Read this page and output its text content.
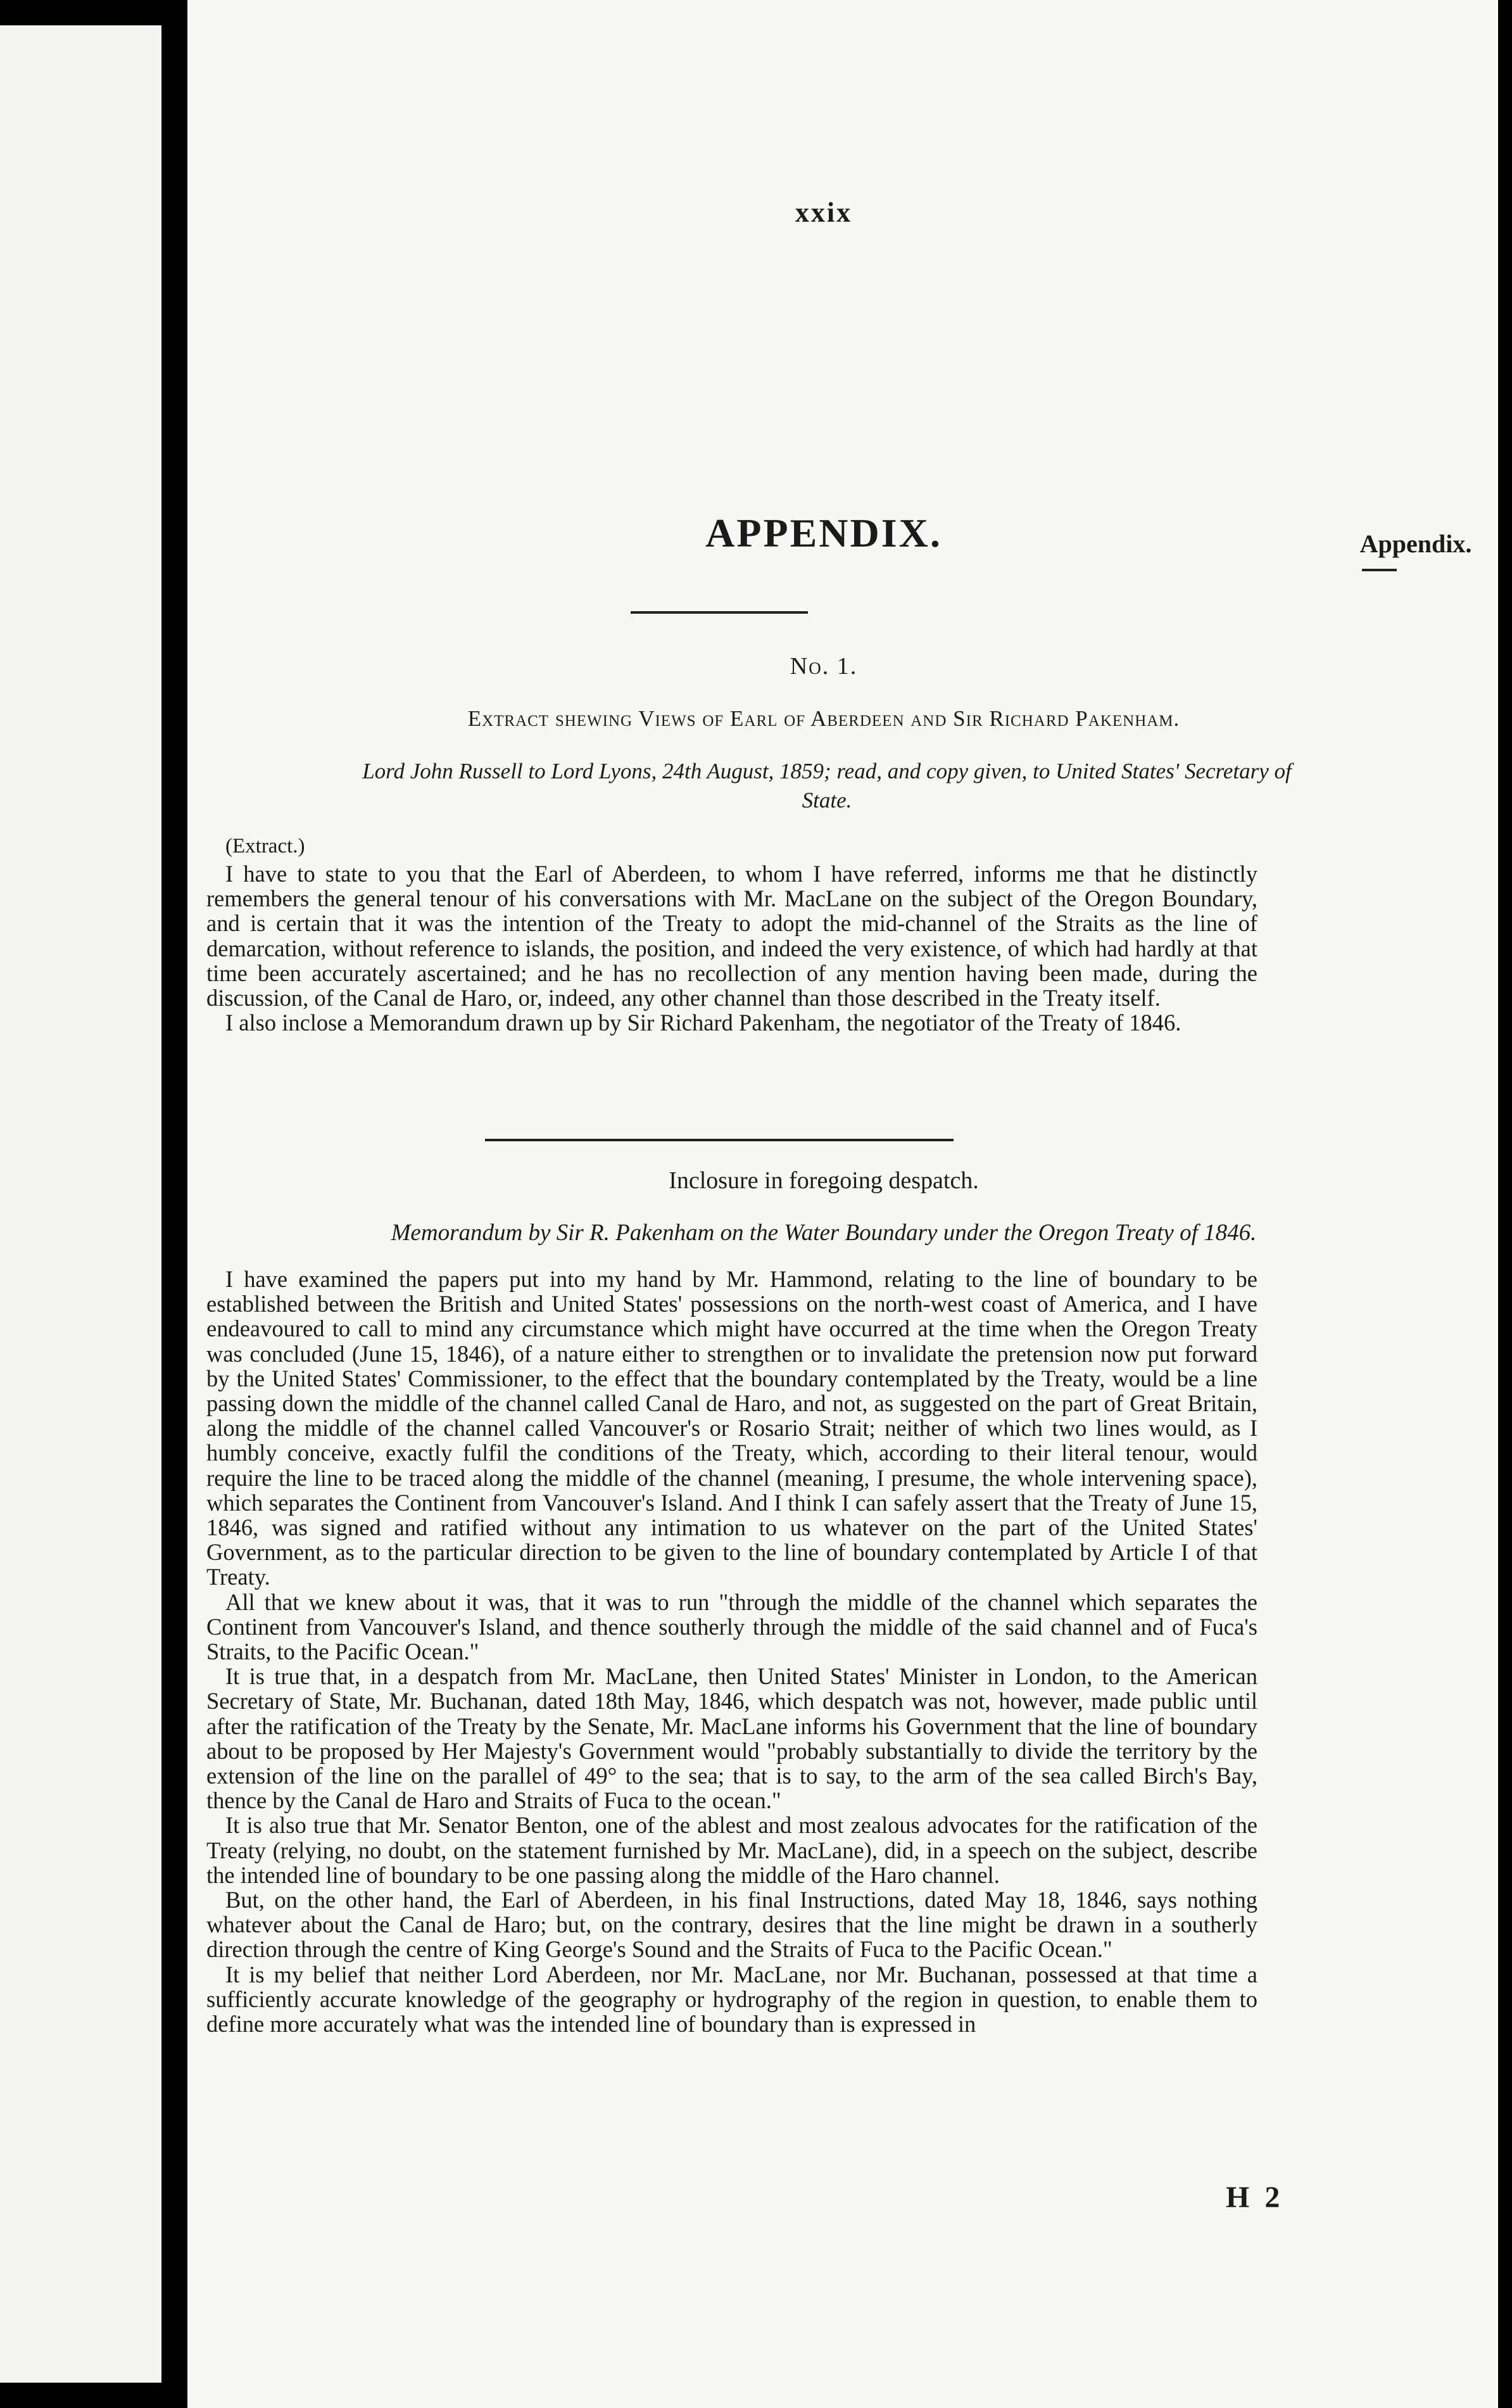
xxix
Appendix.
APPENDIX.
No. 1.
Extract shewing Views of Earl of Aberdeen and Sir Richard Pakenham.
Lord John Russell to Lord Lyons, 24th August, 1859; read, and copy given, to United States' Secretary of State.
(Extract.)

I have to state to you that the Earl of Aberdeen, to whom I have referred, informs me that he distinctly remembers the general tenour of his conversations with Mr. MacLane on the subject of the Oregon Boundary, and is certain that it was the intention of the Treaty to adopt the mid-channel of the Straits as the line of demarcation, without reference to islands, the position, and indeed the very existence, of which had hardly at that time been accurately ascertained; and he has no recollection of any mention having been made, during the discussion, of the Canal de Haro, or, indeed, any other channel than those described in the Treaty itself.

I also inclose a Memorandum drawn up by Sir Richard Pakenham, the negotiator of the Treaty of 1846.

Inclosure in foregoing despatch.
Memorandum by Sir R. Pakenham on the Water Boundary under the Oregon Treaty of 1846.

I have examined the papers put into my hand by Mr. Hammond, relating to the line of boundary to be established between the British and United States' possessions on the north-west coast of America, and I have endeavoured to call to mind any circumstance which might have occurred at the time when the Oregon Treaty was concluded (June 15, 1846), of a nature either to strengthen or to invalidate the pretension now put forward by the United States' Commissioner, to the effect that the boundary contemplated by the Treaty, would be a line passing down the middle of the channel called Canal de Haro, and not, as suggested on the part of Great Britain, along the middle of the channel called Vancouver's or Rosario Strait; neither of which two lines would, as I humbly conceive, exactly fulfil the conditions of the Treaty, which, according to their literal tenour, would require the line to be traced along the middle of the channel (meaning, I presume, the whole intervening space), which separates the Continent from Vancouver's Island. And I think I can safely assert that the Treaty of June 15, 1846, was signed and ratified without any intimation to us whatever on the part of the United States' Government, as to the particular direction to be given to the line of boundary contemplated by Article I of that Treaty.

All that we knew about it was, that it was to run "through the middle of the channel which separates the Continent from Vancouver's Island, and thence southerly through the middle of the said channel and of Fuca's Straits, to the Pacific Ocean."

It is true that, in a despatch from Mr. MacLane, then United States' Minister in London, to the American Secretary of State, Mr. Buchanan, dated 18th May, 1846, which despatch was not, however, made public until after the ratification of the Treaty by the Senate, Mr. MacLane informs his Government that the line of boundary about to be proposed by Her Majesty's Government would "probably substantially to divide the territory by the extension of the line on the parallel of 49° to the sea; that is to say, to the arm of the sea called Birch's Bay, thence by the Canal de Haro and Straits of Fuca to the ocean."

It is also true that Mr. Senator Benton, one of the ablest and most zealous advocates for the ratification of the Treaty (relying, no doubt, on the statement furnished by Mr. MacLane), did, in a speech on the subject, describe the intended line of boundary to be one passing along the middle of the Haro channel.

But, on the other hand, the Earl of Aberdeen, in his final Instructions, dated May 18, 1846, says nothing whatever about the Canal de Haro; but, on the contrary, desires that the line might be drawn in a southerly direction through the centre of King George's Sound and the Straits of Fuca to the Pacific Ocean."

It is my belief that neither Lord Aberdeen, nor Mr. MacLane, nor Mr. Buchanan, possessed at that time a sufficiently accurate knowledge of the geography or hydrography of the region in question, to enable them to define more accurately what was the intended line of boundary than is expressed in

H 2
